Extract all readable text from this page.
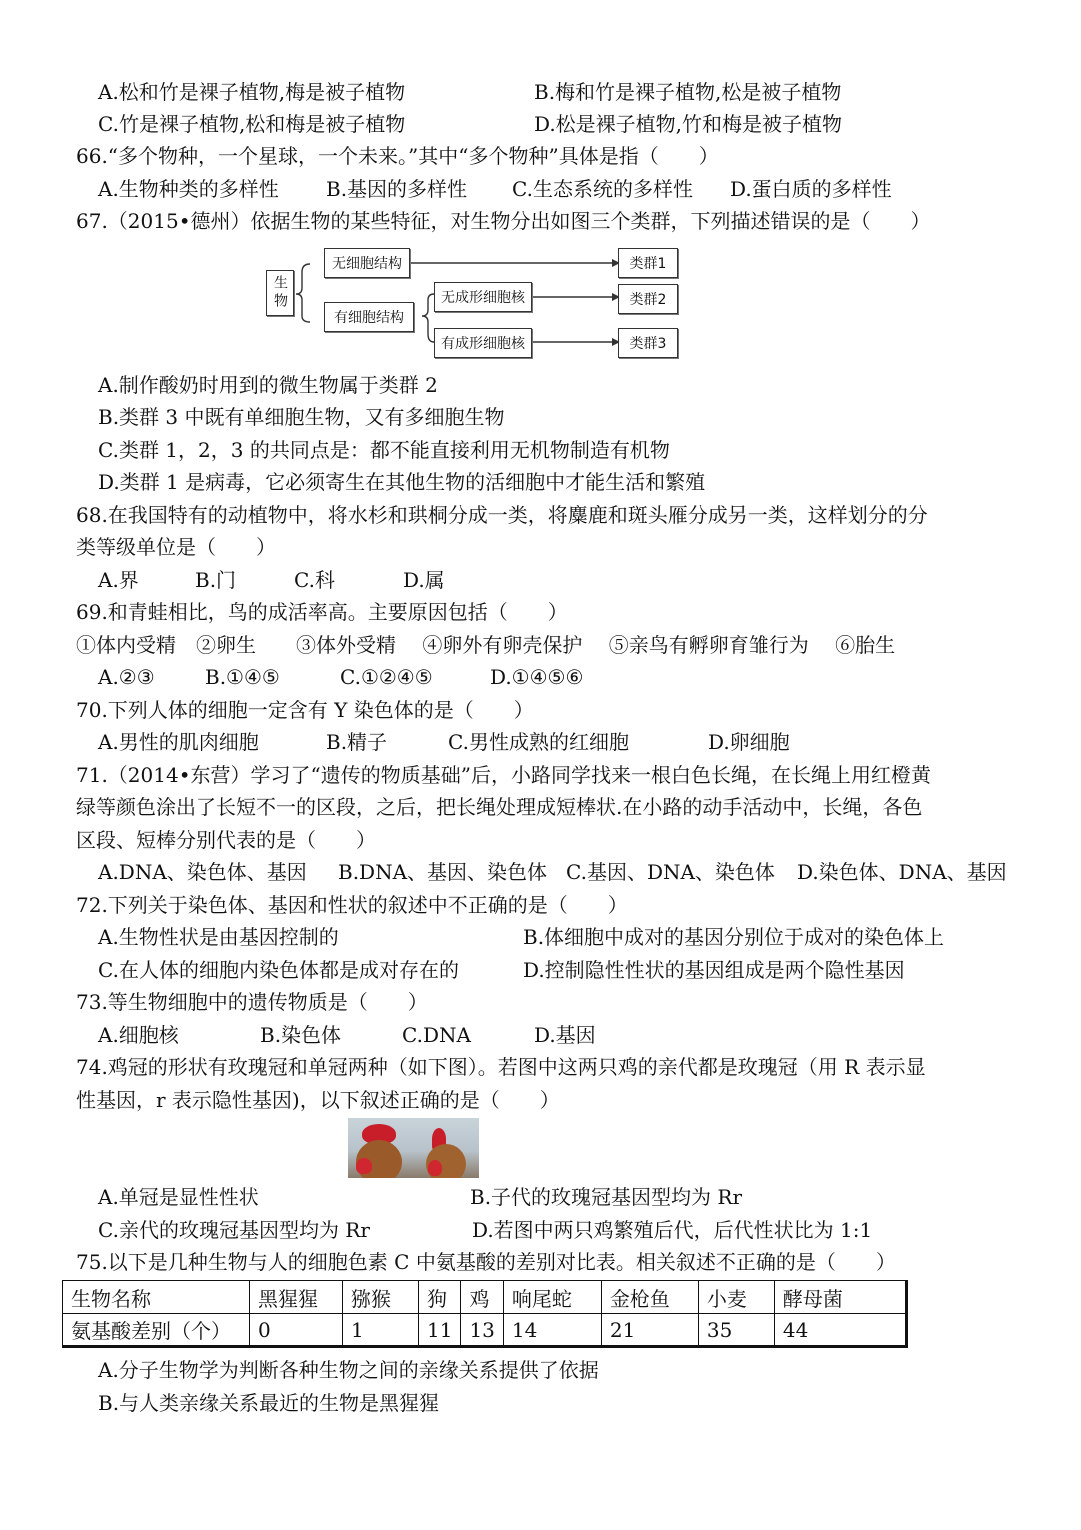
A.松和竹是裸子植物,梅是被子植物	B.梅和竹是裸子植物,松是被子植物
C.竹是裸子植物,松和梅是被子植物	D.松是裸子植物,竹和梅是被子植物
66.“多个物种，一个星球，一个未来。”其中“多个物种”具体是指（　　）
A.生物种类的多样性 B.基因的多样性 C.生态系统的多样性 D.蛋白质的多样性
67.（2015•德州）依据生物的某些特征，对生物分出如图三个类群，下列描述错误的是（　　）
生物
无细胞结构
有细胞结构
无成形细胞核
有成形细胞核
类群1
类群2
类群3
A.制作酸奶时用到的微生物属于类群 2
B.类群 3 中既有单细胞生物，又有多细胞生物
C.类群 1，2，3 的共同点是：都不能直接利用无机物制造有机物
D.类群 1 是病毒，它必须寄生在其他生物的活细胞中才能生活和繁殖
68.在我国特有的动植物中，将水杉和珙桐分成一类，将麋鹿和斑头雁分成另一类，这样划分的分
类等级单位是（　　）
A.界	B.门	C.科	D.属
69.和青蛙相比，鸟的成活率高。主要原因包括（　　）
①体内受精　②卵生　　③体外受精　 ④卵外有卵壳保护　 ⑤亲鸟有孵卵育雏行为　 ⑥胎生
A.②③	B.①④⑤	C.①②④⑤	D.①④⑤⑥
70.下列人体的细胞一定含有 Y 染色体的是（　　）
A.男性的肌肉细胞	B.精子	C.男性成熟的红细胞	D.卵细胞
71.（2014•东营）学习了“遗传的物质基础”后，小路同学找来一根白色长绳，在长绳上用红橙黄
绿等颜色涂出了长短不一的区段，之后，把长绳处理成短棒状.在小路的动手活动中，长绳，各色
区段、短棒分别代表的是（　　）
A.DNA、染色体、基因 B.DNA、基因、染色体 C.基因、DNA、染色体 D.染色体、DNA、基因
72.下列关于染色体、基因和性状的叙述中不正确的是（　　）
A.生物性状是由基因控制的	B.体细胞中成对的基因分别位于成对的染色体上
C.在人体的细胞内染色体都是成对存在的	D.控制隐性性状的基因组成是两个隐性基因
73.等生物细胞中的遗传物质是（　　）
A.细胞核	B.染色体	C.DNA	D.基因
74.鸡冠的形状有玫瑰冠和单冠两种（如下图）。若图中这两只鸡的亲代都是玫瑰冠（用 R 表示显
性基因，r 表示隐性基因)，以下叙述正确的是（　　）
A.单冠是显性性状	B.子代的玫瑰冠基因型均为 Rr
C.亲代的玫瑰冠基因型均为 Rr	D.若图中两只鸡繁殖后代，后代性状比为 1:1
75.以下是几种生物与人的细胞色素 C 中氨基酸的差别对比表。相关叙述不正确的是（　　）
生物名称	黑猩猩	猕猴	狗	鸡	响尾蛇	金枪鱼	小麦	酵母菌
氨基酸差别（个）	0	1	11	13	14	21	35	44
A.分子生物学为判断各种生物之间的亲缘关系提供了依据
B.与人类亲缘关系最近的生物是黑猩猩
